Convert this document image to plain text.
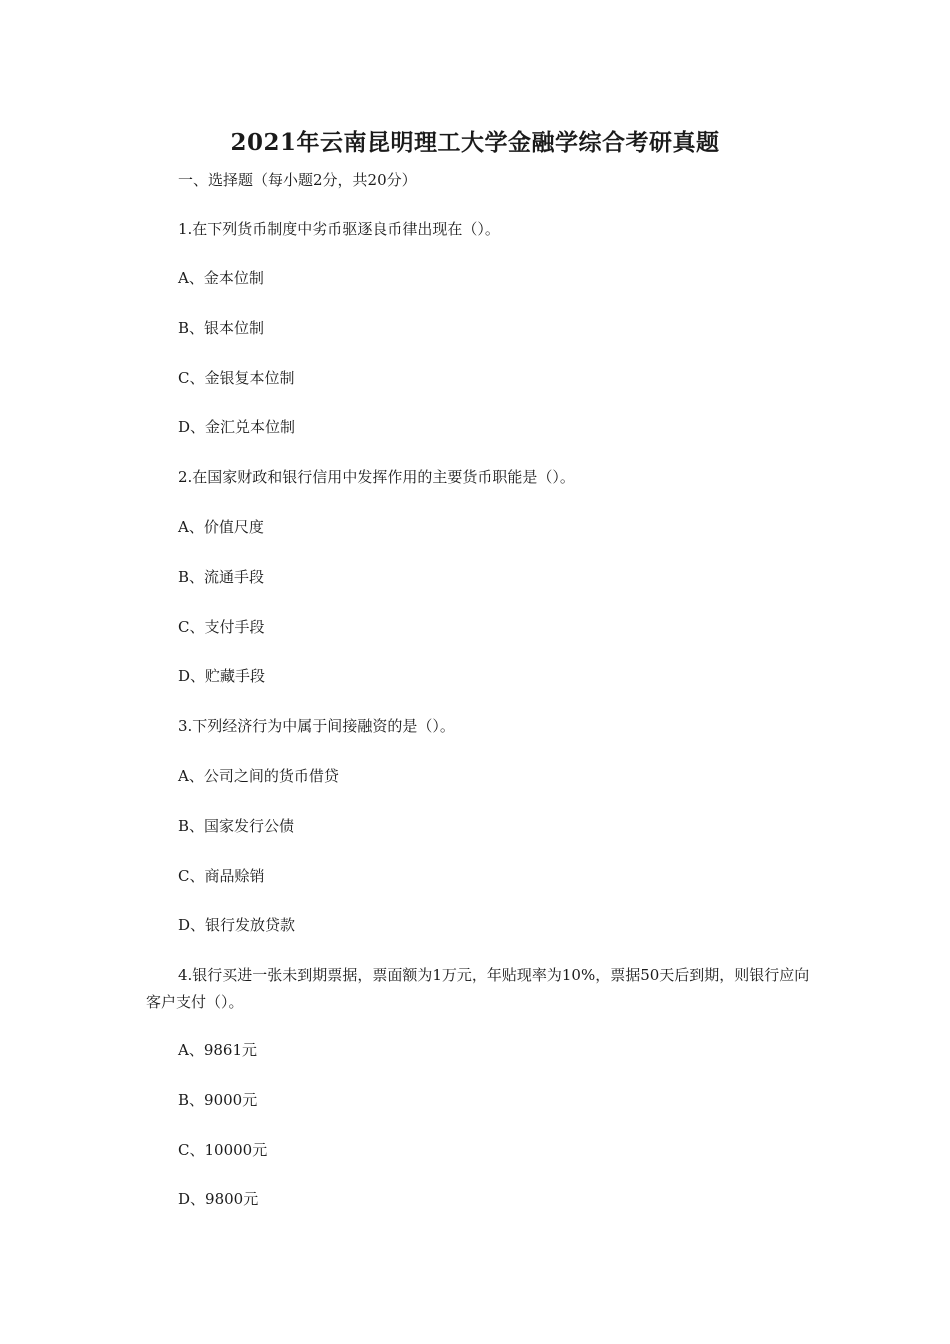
2021年云南昆明理工大学金融学综合考研真题

一、选择题（每小题2分，共20分）

1.在下列货币制度中劣币驱逐良币律出现在（）。

A、金本位制

B、银本位制

C、金银复本位制

D、金汇兑本位制

2.在国家财政和银行信用中发挥作用的主要货币职能是（）。

A、价值尺度

B、流通手段

C、支付手段

D、贮藏手段

3.下列经济行为中属于间接融资的是（）。

A、公司之间的货币借贷

B、国家发行公债

C、商品赊销

D、银行发放贷款

4.银行买进一张未到期票据，票面额为1万元，年贴现率为10%，票据50天后到期，则银行应向客户支付（）。

A、9861元

B、9000元

C、10000元

D、9800元
